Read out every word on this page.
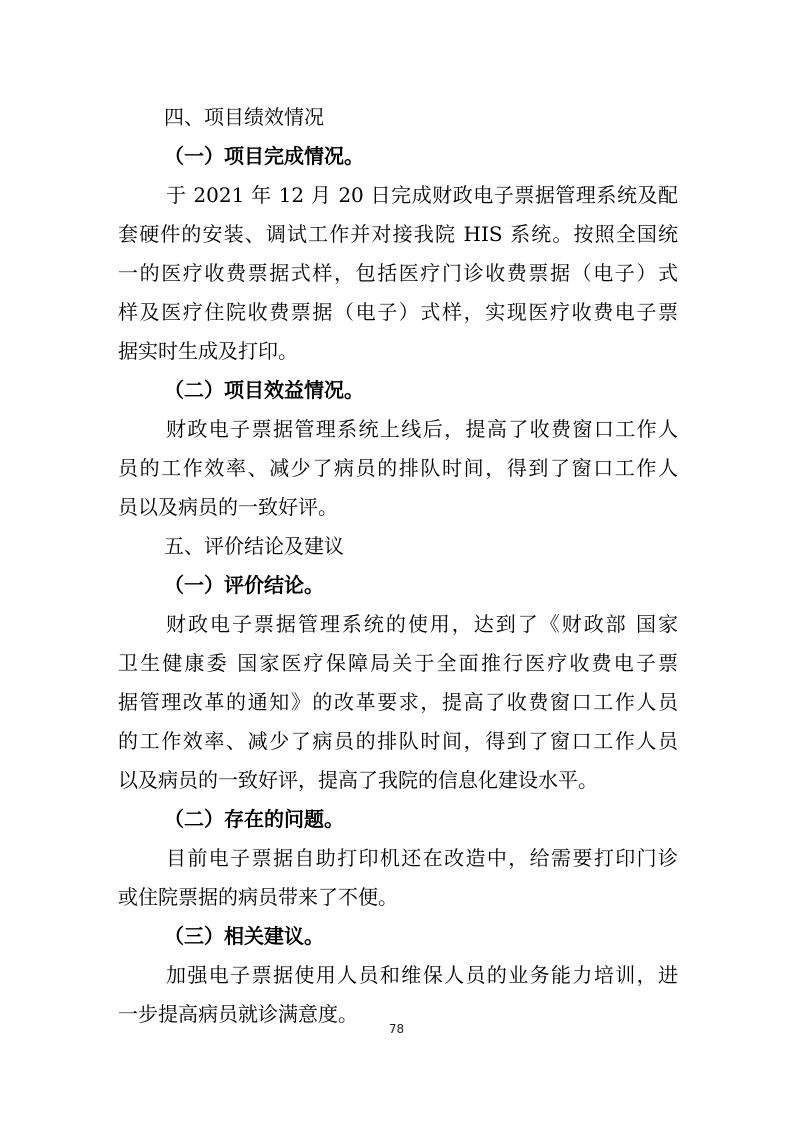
四、项目绩效情况
（一）项目完成情况。
于 2021 年 12 月 20 日完成财政电子票据管理系统及配
套硬件的安装、调试工作并对接我院 HIS 系统。按照全国统
一的医疗收费票据式样，包括医疗门诊收费票据（电子）式
样及医疗住院收费票据（电子）式样，实现医疗收费电子票
据实时生成及打印。
（二）项目效益情况。
财政电子票据管理系统上线后，提高了收费窗口工作人
员的工作效率、减少了病员的排队时间，得到了窗口工作人
员以及病员的一致好评。
五、评价结论及建议
（一）评价结论。
财政电子票据管理系统的使用，达到了《财政部 国家
卫生健康委 国家医疗保障局关于全面推行医疗收费电子票
据管理改革的通知》的改革要求，提高了收费窗口工作人员
的工作效率、减少了病员的排队时间，得到了窗口工作人员
以及病员的一致好评，提高了我院的信息化建设水平。
（二）存在的问题。
目前电子票据自助打印机还在改造中，给需要打印门诊
或住院票据的病员带来了不便。
（三）相关建议。
加强电子票据使用人员和维保人员的业务能力培训，进
一步提高病员就诊满意度。
78
